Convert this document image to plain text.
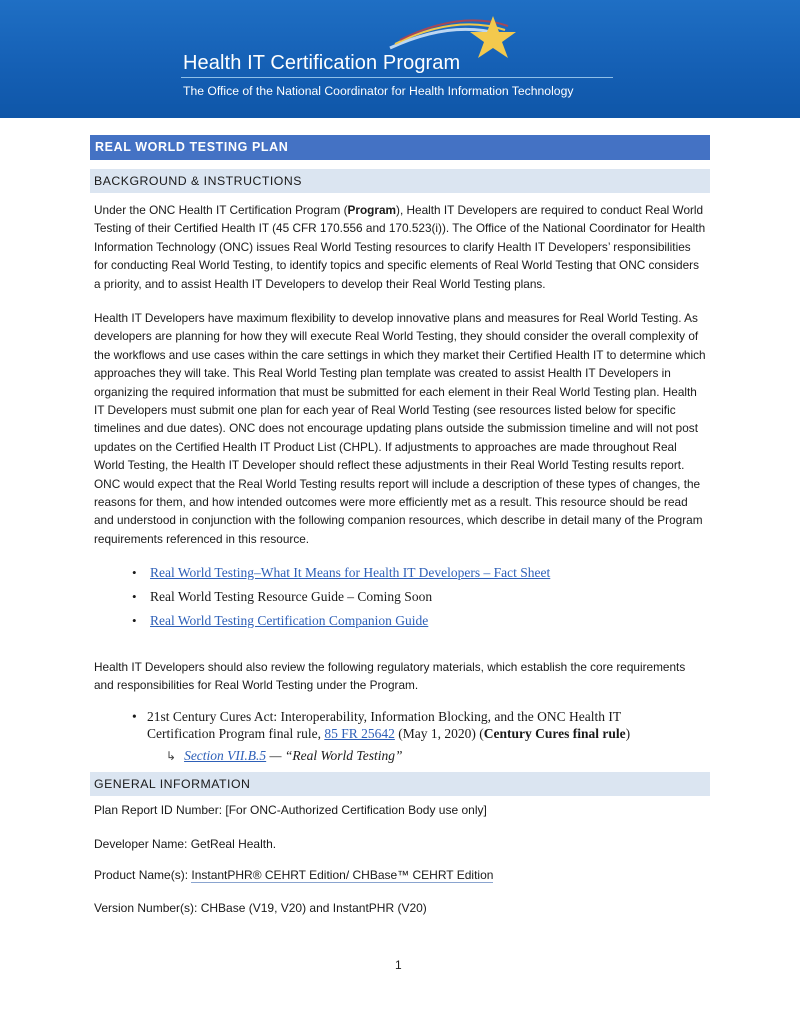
Health IT Certification Program
The Office of the National Coordinator for Health Information Technology
REAL WORLD TESTING PLAN
BACKGROUND & INSTRUCTIONS

Under the ONC Health IT Certification Program (Program), Health IT Developers are required to conduct Real World Testing of their Certified Health IT (45 CFR 170.556 and 170.523(i)). The Office of the National Coordinator for Health Information Technology (ONC) issues Real World Testing resources to clarify Health IT Developers’ responsibilities for conducting Real World Testing, to identify topics and specific elements of Real World Testing that ONC considers a priority, and to assist Health IT Developers to develop their Real World Testing plans.

Health IT Developers have maximum flexibility to develop innovative plans and measures for Real World Testing. As developers are planning for how they will execute Real World Testing, they should consider the overall complexity of the workflows and use cases within the care settings in which they market their Certified Health IT to determine which approaches they will take. This Real World Testing plan template was created to assist Health IT Developers in organizing the required information that must be submitted for each element in their Real World Testing plan. Health IT Developers must submit one plan for each year of Real World Testing (see resources listed below for specific timelines and due dates). ONC does not encourage updating plans outside the submission timeline and will not post updates on the Certified Health IT Product List (CHPL). If adjustments to approaches are made throughout Real World Testing, the Health IT Developer should reflect these adjustments in their Real World Testing results report. ONC would expect that the Real World Testing results report will include a description of these types of changes, the reasons for them, and how intended outcomes were more efficiently met as a result. This resource should be read and understood in conjunction with the following companion resources, which describe in detail many of the Program requirements referenced in this resource.

• Real World Testing–What It Means for Health IT Developers – Fact Sheet
• Real World Testing Resource Guide – Coming Soon
• Real World Testing Certification Companion Guide

Health IT Developers should also review the following regulatory materials, which establish the core requirements and responsibilities for Real World Testing under the Program.

• 21st Century Cures Act: Interoperability, Information Blocking, and the ONC Health IT Certification Program final rule, 85 FR 25642 (May 1, 2020) (Century Cures final rule)
↳ Section VII.B.5 — “Real World Testing”
GENERAL INFORMATION
Plan Report ID Number: [For ONC-Authorized Certification Body use only]
Developer Name: GetReal Health.
Product Name(s): InstantPHR® CEHRT Edition/ CHBase™ CEHRT Edition
Version Number(s): CHBase (V19, V20) and InstantPHR (V20)
1
